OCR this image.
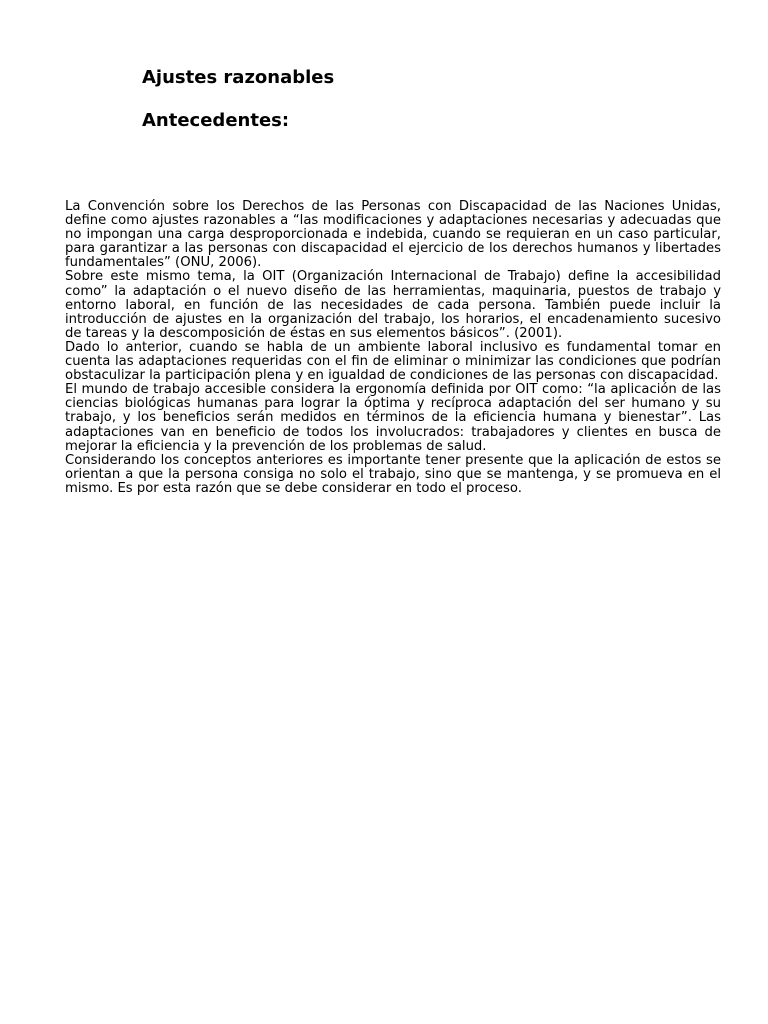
Ajustes razonables
Antecedentes:

La Convención sobre los Derechos de las Personas con Discapacidad de las Naciones Unidas, define como ajustes razonables a “las modificaciones y adaptaciones necesarias y adecuadas que no impongan una carga desproporcionada e indebida, cuando se requieran en un caso particular, para garantizar a las personas con discapacidad el ejercicio de los derechos humanos y libertades fundamentales” (ONU, 2006).

Sobre este mismo tema, la OIT (Organización Internacional de Trabajo) define la accesibilidad como” la adaptación o el nuevo diseño de las herramientas, maquinaria, puestos de trabajo y entorno laboral, en función de las necesidades de cada persona. También puede incluir la introducción de ajustes en la organización del trabajo, los horarios, el encadenamiento sucesivo de tareas y la descomposición de éstas en sus elementos básicos”. (2001).

Dado lo anterior, cuando se habla de un ambiente laboral inclusivo es fundamental tomar en cuenta las adaptaciones requeridas con el fin de eliminar o minimizar las condiciones que podrían obstaculizar la participación plena y en igualdad de condiciones de las personas con discapacidad.

El mundo de trabajo accesible considera la ergonomía definida por OIT como: “la aplicación de las ciencias biológicas humanas para lograr la óptima y recíproca adaptación del ser humano y su trabajo, y los beneficios serán medidos en términos de la eficiencia humana y bienestar”. Las adaptaciones van en beneficio de todos los involucrados: trabajadores y clientes en busca de mejorar la eficiencia y la prevención de los problemas de salud.

Considerando los conceptos anteriores es importante tener presente que la aplicación de estos se orientan a que la persona consiga no solo el trabajo, sino que se mantenga, y se promueva en el mismo. Es por esta razón que se debe considerar en todo el proceso.
